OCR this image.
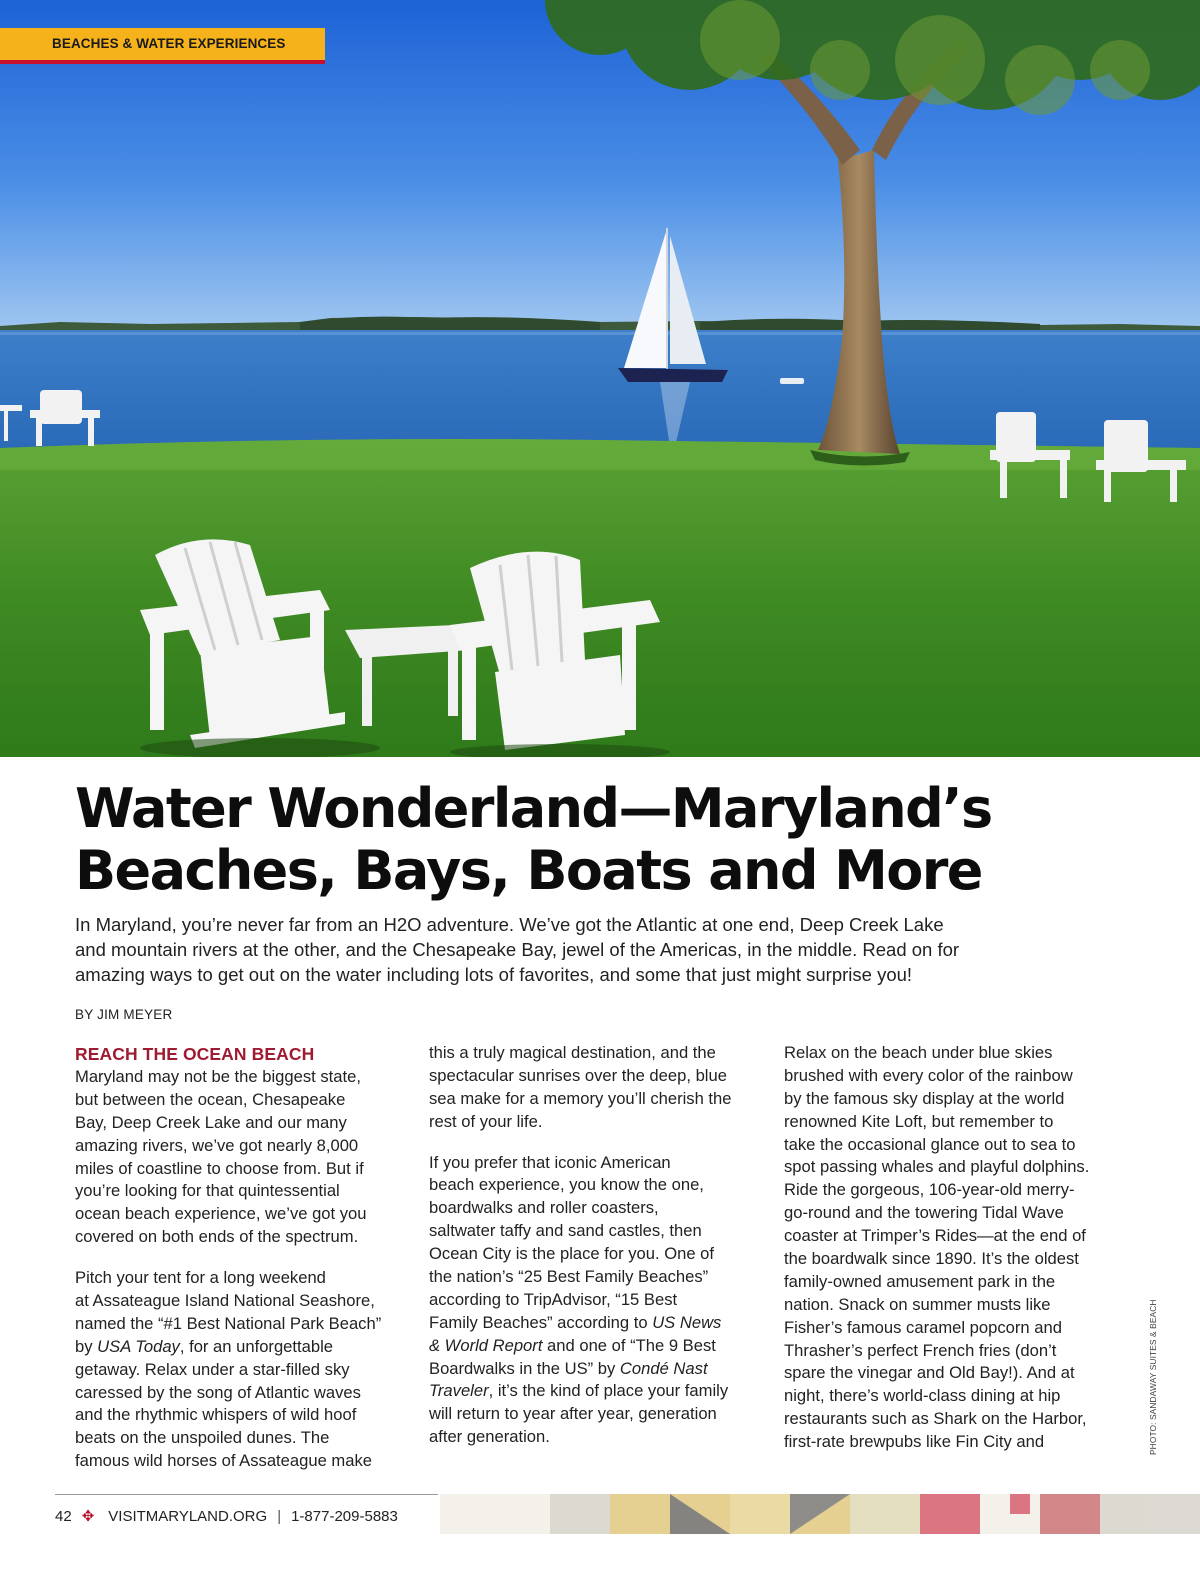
BEACHES & WATER EXPERIENCES
Water Wonderland—Maryland’s
Beaches, Bays, Boats and More
In Maryland, you’re never far from an H2O adventure. We’ve got the Atlantic at one end, Deep Creek Lake
and mountain rivers at the other, and the Chesapeake Bay, jewel of the Americas, in the middle. Read on for
amazing ways to get out on the water including lots of favorites, and some that just might surprise you!
BY JIM MEYER
REACH THE OCEAN BEACH
Maryland may not be the biggest state,
but between the ocean, Chesapeake
Bay, Deep Creek Lake and our many
amazing rivers, we’ve got nearly 8,000
miles of coastline to choose from. But if
you’re looking for that quintessential
ocean beach experience, we’ve got you
covered on both ends of the spectrum.
Pitch your tent for a long weekend
at Assateague Island National Seashore,
named the “#1 Best National Park Beach”
by USA Today, for an unforgettable
getaway. Relax under a star-filled sky
caressed by the song of Atlantic waves
and the rhythmic whispers of wild hoof
beats on the unspoiled dunes. The
famous wild horses of Assateague make
this a truly magical destination, and the
spectacular sunrises over the deep, blue
sea make for a memory you’ll cherish the
rest of your life.
If you prefer that iconic American
beach experience, you know the one,
boardwalks and roller coasters,
saltwater taffy and sand castles, then
Ocean City is the place for you. One of
the nation’s “25 Best Family Beaches”
according to TripAdvisor, “15 Best
Family Beaches” according to US News
& World Report and one of “The 9 Best
Boardwalks in the US” by Condé Nast
Traveler, it’s the kind of place your family
will return to year after year, generation
after generation.
Relax on the beach under blue skies
brushed with every color of the rainbow
by the famous sky display at the world
renowned Kite Loft, but remember to
take the occasional glance out to sea to
spot passing whales and playful dolphins.
Ride the gorgeous, 106-year-old merry-
go-round and the towering Tidal Wave
coaster at Trimper’s Rides—at the end of
the boardwalk since 1890. It’s the oldest
family-owned amusement park in the
nation. Snack on summer musts like
Fisher’s famous caramel popcorn and
Thrasher’s perfect French fries (don’t
spare the vinegar and Old Bay!). And at
night, there’s world-class dining at hip
restaurants such as Shark on the Harbor,
first-rate brewpubs like Fin City and	PHOTO: SANDAWAY SUITES & BEACH
42 ✥ VISITMARYLAND.ORG | 1-877-209-5883
